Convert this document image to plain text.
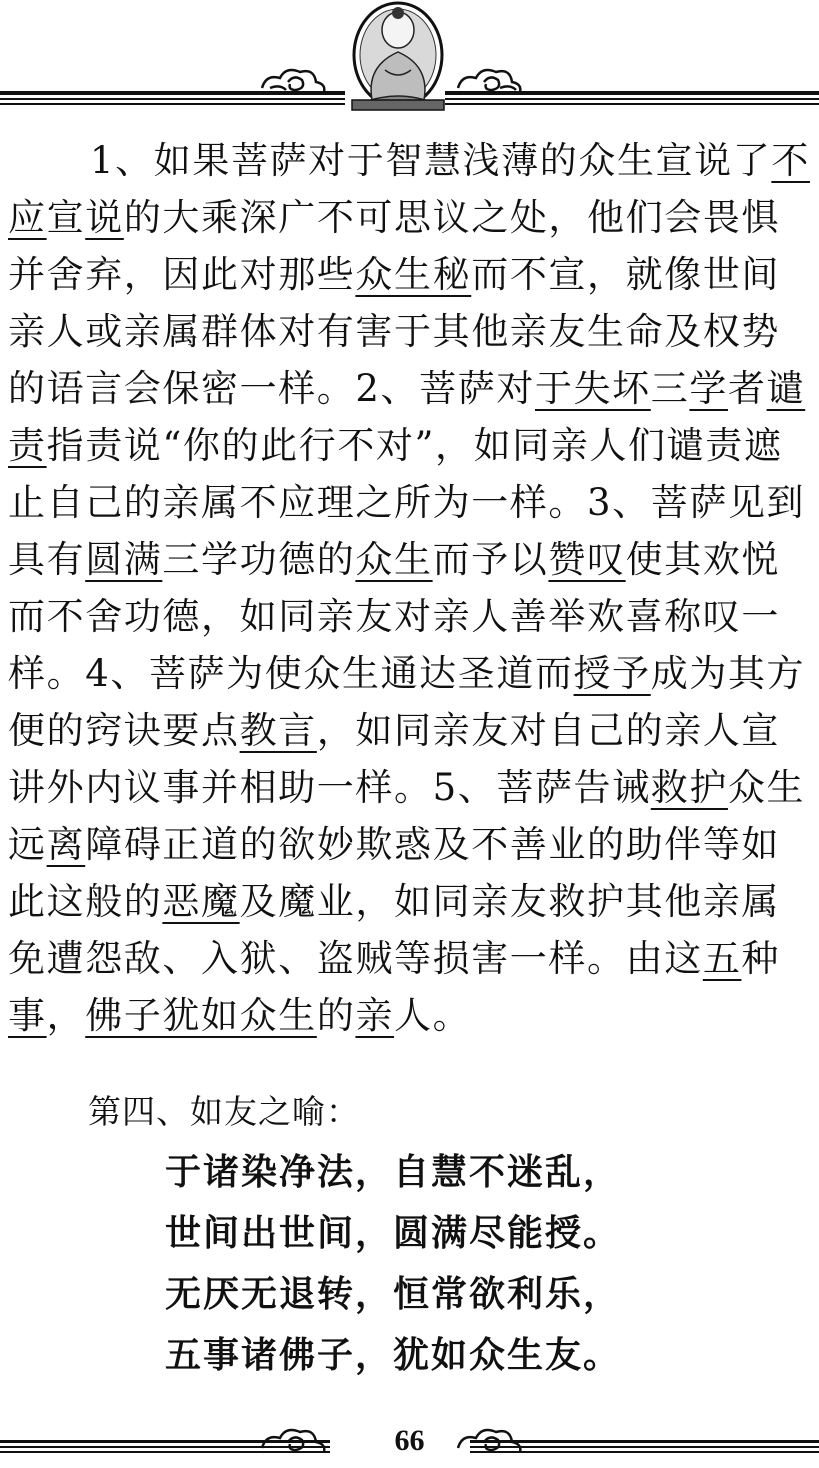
1、如果菩萨对于智慧浅薄的众生宣说了不
应宣说的大乘深广不可思议之处，他们会畏惧
并舍弃，因此对那些众生秘而不宣，就像世间
亲人或亲属群体对有害于其他亲友生命及权势
的语言会保密一样。2、菩萨对于失坏三学者谴
责指责说“你的此行不对”，如同亲人们谴责遮
止自己的亲属不应理之所为一样。3、菩萨见到
具有圆满三学功德的众生而予以赞叹使其欢悦
而不舍功德，如同亲友对亲人善举欢喜称叹一
样。4、菩萨为使众生通达圣道而授予成为其方
便的窍诀要点教言，如同亲友对自己的亲人宣
讲外内议事并相助一样。5、菩萨告诫救护众生
远离障碍正道的欲妙欺惑及不善业的助伴等如
此这般的恶魔及魔业，如同亲友救护其他亲属
免遭怨敌、入狱、盗贼等损害一样。由这五种
事，佛子犹如众生的亲人。
第四、如友之喻：
于诸染净法，自慧不迷乱，
世间出世间，圆满尽能授。
无厌无退转，恒常欲利乐，
五事诸佛子，犹如众生友。
66
